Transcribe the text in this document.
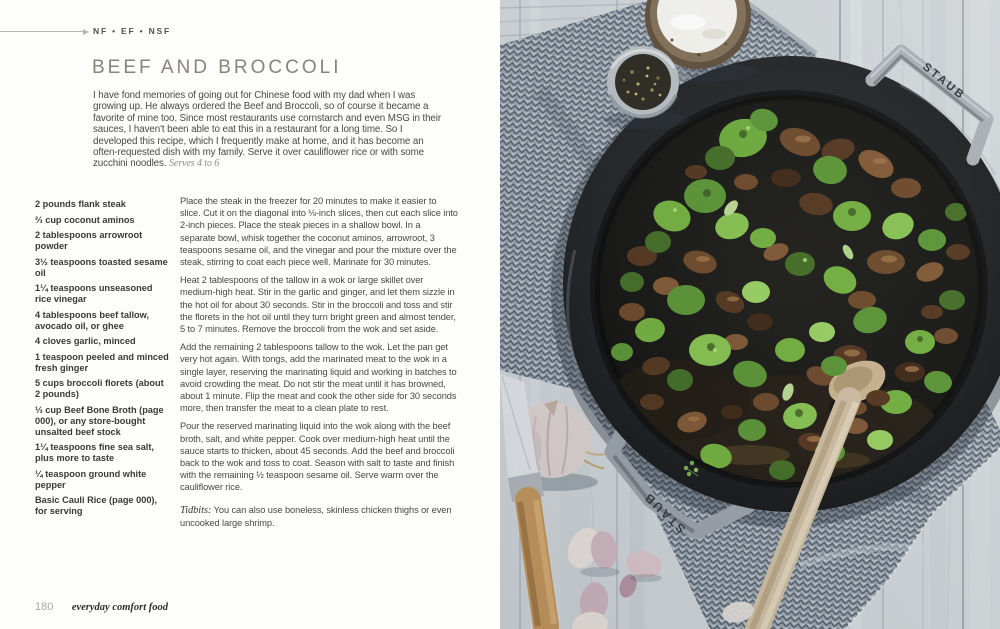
NF • EF • NSF
BEEF AND BROCCOLI

I have fond memories of going out for Chinese food with my dad when I was growing up. He always ordered the Beef and Broccoli, so of course it became a favorite of mine too. Since most restaurants use cornstarch and even MSG in their sauces, I haven't been able to eat this in a restaurant for a long time. So I developed this recipe, which I frequently make at home, and it has become an often-requested dish with my family. Serve it over cauliflower rice or with some zucchini noodles. Serves 4 to 6

2 pounds flank steak
⅔ cup coconut aminos
2 tablespoons arrowroot powder
3½ teaspoons toasted sesame oil
1¼ teaspoons unseasoned rice vinegar
4 tablespoons beef tallow, avocado oil, or ghee
4 cloves garlic, minced
1 teaspoon peeled and minced fresh ginger
5 cups broccoli florets (about 2 pounds)
⅓ cup Beef Bone Broth (page 000), or any store-bought unsalted beef stock
1¼ teaspoons fine sea salt, plus more to taste
¼ teaspoon ground white pepper
Basic Cauli Rice (page 000), for serving

Place the steak in the freezer for 20 minutes to make it easier to slice. Cut it on the diagonal into ⅛-inch slices, then cut each slice into 2-inch pieces. Place the steak pieces in a shallow bowl. In a separate bowl, whisk together the coconut aminos, arrowroot, 3 teaspoons sesame oil, and the vinegar and pour the mixture over the steak, stirring to coat each piece well. Marinate for 30 minutes.

Heat 2 tablespoons of the tallow in a wok or large skillet over medium-high heat. Stir in the garlic and ginger, and let them sizzle in the hot oil for about 30 seconds. Stir in the broccoli and toss and stir the florets in the hot oil until they turn bright green and almost tender, 5 to 7 minutes. Remove the broccoli from the wok and set aside.

Add the remaining 2 tablespoons tallow to the wok. Let the pan get very hot again. With tongs, add the marinated meat to the wok in a single layer, reserving the marinating liquid and working in batches to avoid crowding the meat. Do not stir the meat until it has browned, about 1 minute. Flip the meat and cook the other side for 30 seconds more, then transfer the meat to a clean plate to rest.

Pour the reserved marinating liquid into the wok along with the beef broth, salt, and white pepper. Cook over medium-high heat until the sauce starts to thicken, about 45 seconds. Add the beef and broccoli back to the wok and toss to coat. Season with salt to taste and finish with the remaining ½ teaspoon sesame oil. Serve warm over the cauliflower rice.

Tidbits: You can also use boneless, skinless chicken thighs or even uncooked large shrimp.

180 everyday comfort food
